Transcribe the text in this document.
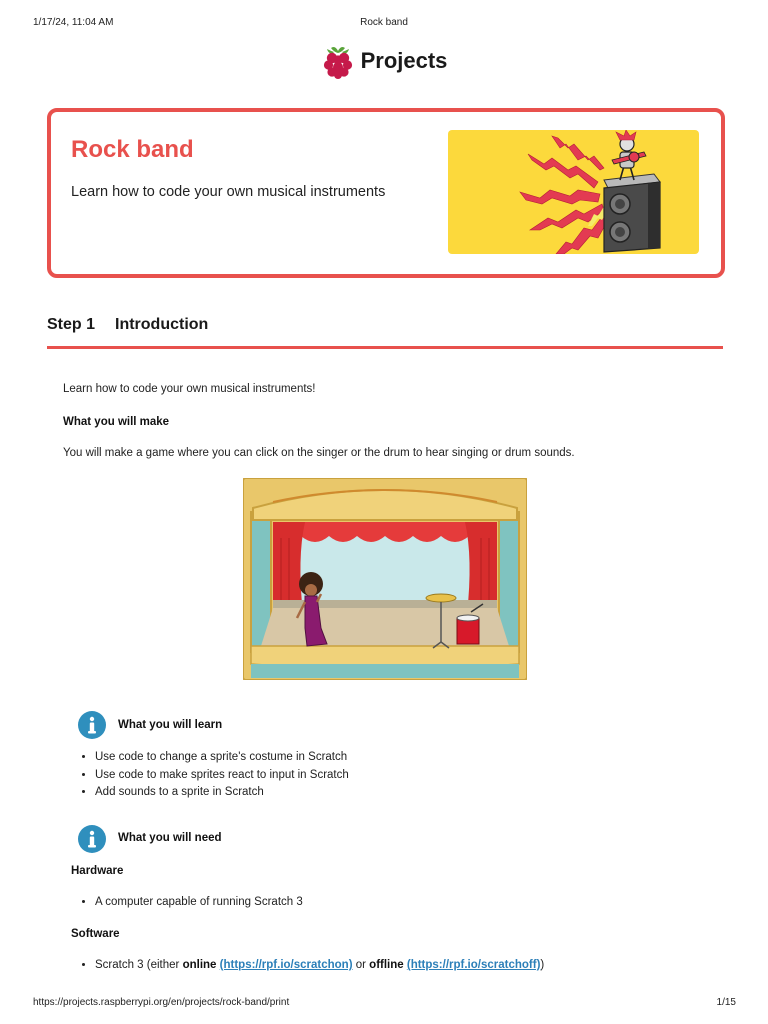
1/17/24, 11:04 AM	Rock band
Projects
Rock band
Learn how to code your own musical instruments
Step 1 Introduction
Learn how to code your own musical instruments!
What you will make
You will make a game where you can click on the singer or the drum to hear singing or drum sounds.
What you will learn
• Use code to change a sprite's costume in Scratch
• Use code to make sprites react to input in Scratch
• Add sounds to a sprite in Scratch
What you will need
Hardware
• A computer capable of running Scratch 3
Software
• Scratch 3 (either online (https://rpf.io/scratchon) or offline (https://rpf.io/scratchoff))
https://projects.raspberrypi.org/en/projects/rock-band/print	1/15
